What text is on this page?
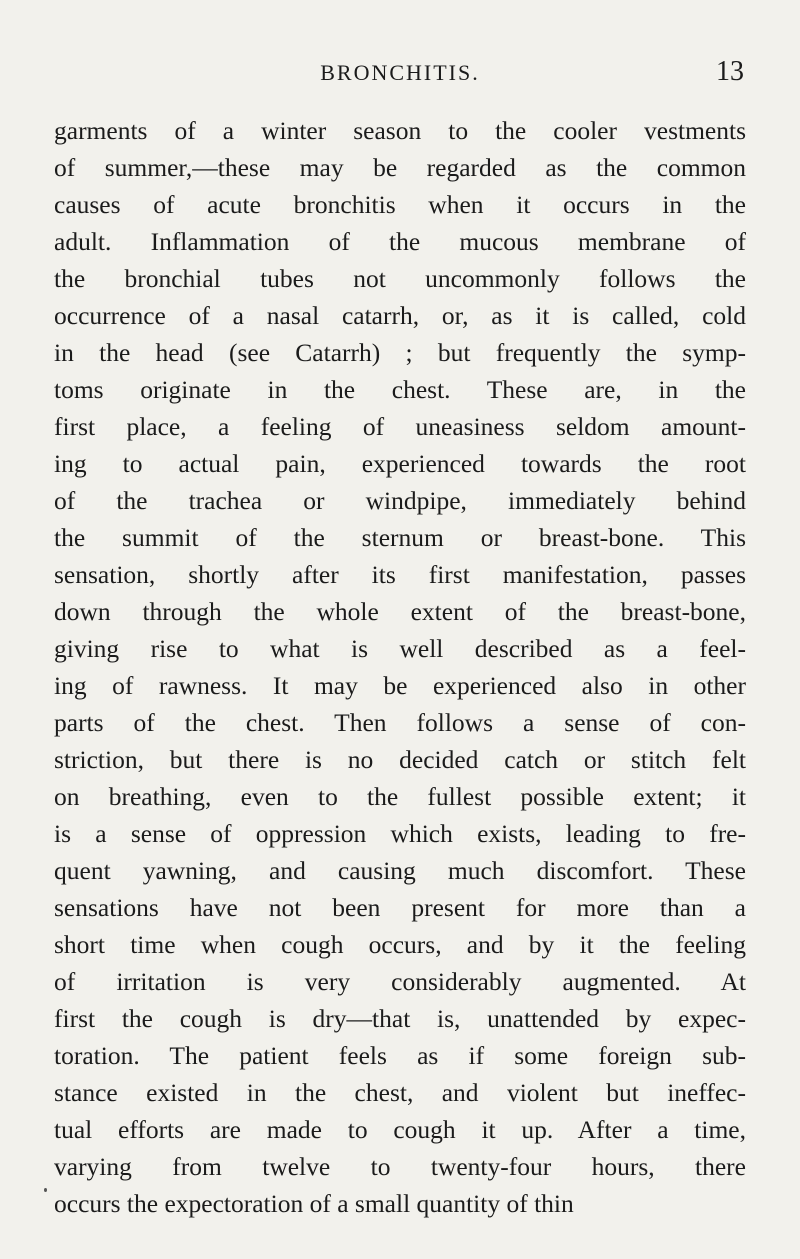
BRONCHITIS.	13
garments of a winter season to the cooler vestments
of summer,—these may be regarded as the common
causes of acute bronchitis when it occurs in the
adult. Inflammation of the mucous membrane of
the bronchial tubes not uncommonly follows the
occurrence of a nasal catarrh, or, as it is called, cold
in the head (see Catarrh) ; but frequently the symp-
toms originate in the chest. These are, in the
first place, a feeling of uneasiness seldom amount-
ing to actual pain, experienced towards the root
of the trachea or windpipe, immediately behind
the summit of the sternum or breast-bone. This
sensation, shortly after its first manifestation, passes
down through the whole extent of the breast-bone,
giving rise to what is well described as a feel-
ing of rawness. It may be experienced also in other
parts of the chest. Then follows a sense of con-
striction, but there is no decided catch or stitch felt
on breathing, even to the fullest possible extent; it
is a sense of oppression which exists, leading to fre-
quent yawning, and causing much discomfort. These
sensations have not been present for more than a
short time when cough occurs, and by it the feeling
of irritation is very considerably augmented. At
first the cough is dry—that is, unattended by expec-
toration. The patient feels as if some foreign sub-
stance existed in the chest, and violent but ineffec-
tual efforts are made to cough it up. After a time,
varying from twelve to twenty-four hours, there
occurs the expectoration of a small quantity of thin
